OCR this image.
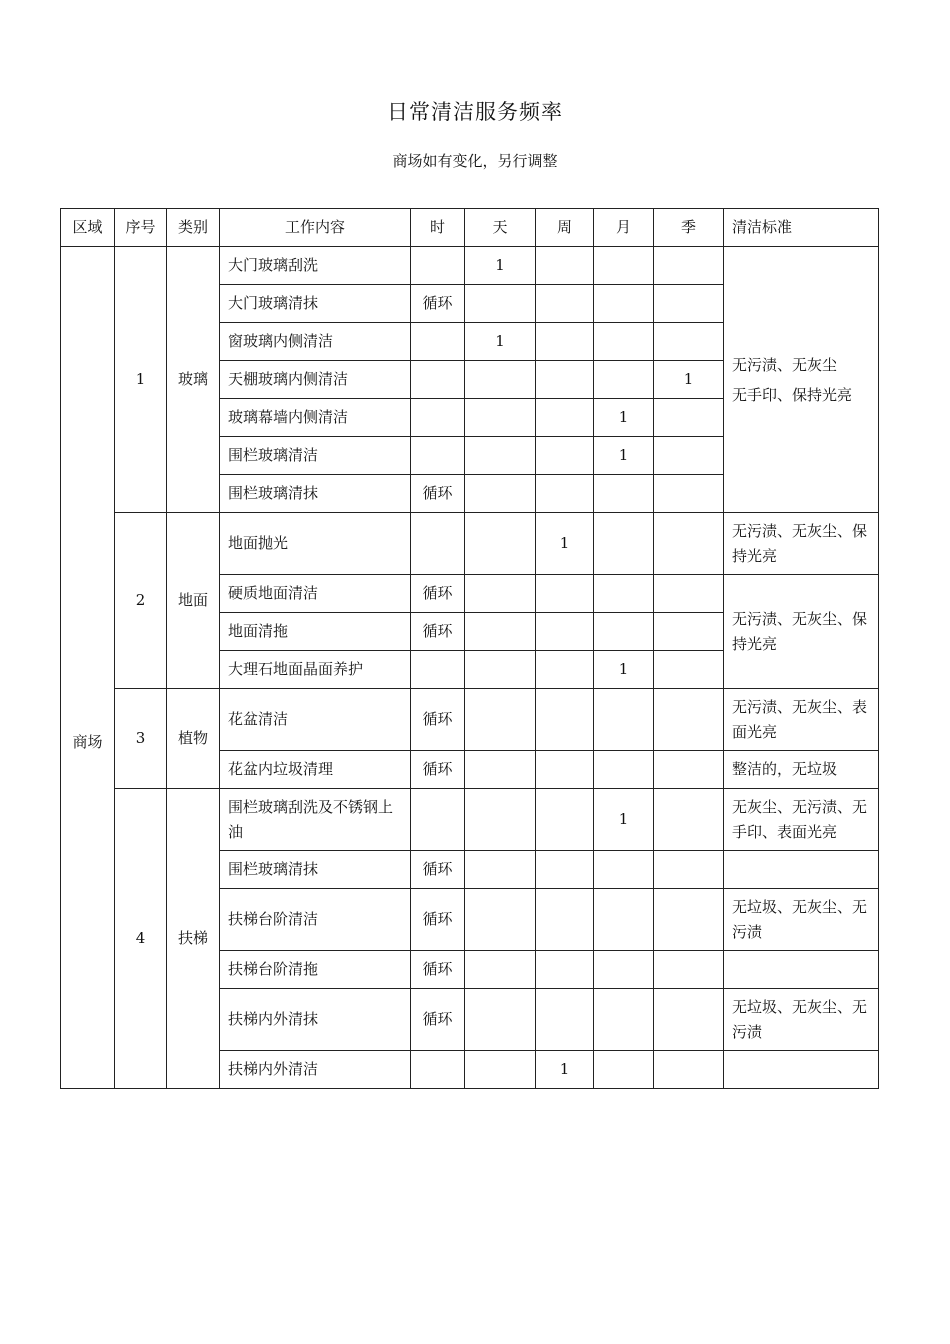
日常清洁服务频率
商场如有变化，另行调整
区域	序号	类别	工作内容	时	天	周	月	季	清洁标准
商场	1	玻璃	大门玻璃刮洗		1				无污渍、无灰尘
无手印、保持光亮

			大门玻璃清抹	循环					
			窗玻璃内侧清洁		1				
			天棚玻璃内侧清洁					1	
			玻璃幕墙内侧清洁				1		
			围栏玻璃清洁				1		
			围栏玻璃清抹	循环					
	2	地面	地面抛光			1			无污渍、无灰尘、保持光亮
			硬质地面清洁	循环					无污渍、无灰尘、保持光亮
			地面清拖	循环					
			大理石地面晶面养护				1		
	3	植物	花盆清洁	循环					无污渍、无灰尘、表面光亮
			花盆内垃圾清理	循环					整洁的，无垃圾
	4	扶梯	围栏玻璃刮洗及不锈钢上油				1		无灰尘、无污渍、无手印、表面光亮
			围栏玻璃清抹	循环					
			扶梯台阶清洁	循环					无垃圾、无灰尘、无污渍
			扶梯台阶清拖	循环					
			扶梯内外清抹	循环					无垃圾、无灰尘、无污渍
			扶梯内外清洁			1			
